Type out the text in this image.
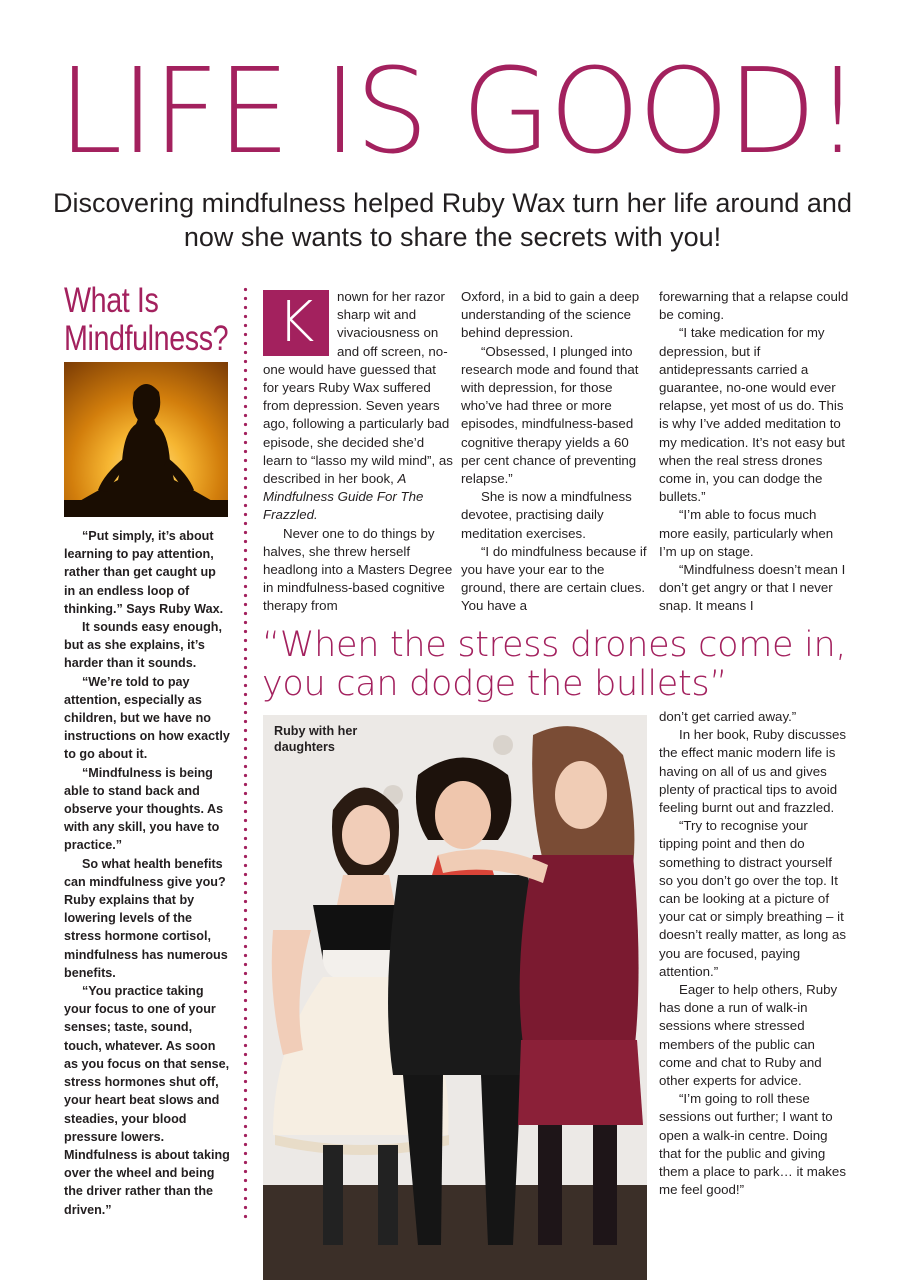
LIFE IS GOOD!
Discovering mindfulness helped Ruby Wax turn her life around and now she wants to share the secrets with you!
What Is Mindfulness?

“Put simply, it’s about learning to pay attention, rather than get caught up in an endless loop of thinking.” Says Ruby Wax.

It sounds easy enough, but as she explains, it’s harder than it sounds.

“We’re told to pay attention, especially as children, but we have no instructions on how exactly to go about it.

“Mindfulness is being able to stand back and observe your thoughts. As with any skill, you have to practice.”

So what health benefits can mindfulness give you? Ruby explains that by lowering levels of the stress hormone cortisol, mindfulness has numerous benefits.

“You practice taking your focus to one of your senses; taste, sound, touch, whatever. As soon as you focus on that sense, stress hormones shut off, your heart beat slows and steadies, your blood pressure lowers. Mindfulness is about taking over the wheel and being the driver rather than the driven.”

K	nown for her razor sharp wit and vivaciousness on and off screen, no-one would have guessed that for years Ruby Wax suffered from depression. Seven years ago, following a particularly bad episode, she decided she’d learn to “lasso my wild mind”, as described in her book, A Mindfulness Guide For The Frazzled.

Never one to do things by halves, she threw herself headlong into a Masters Degree in mindfulness-based cognitive therapy from

Oxford, in a bid to gain a deep understanding of the science behind depression.

“Obsessed, I plunged into research mode and found that with depression, for those who’ve had three or more episodes, mindfulness-based cognitive therapy yields a 60 per cent chance of preventing relapse.”

She is now a mindfulness devotee, practising daily meditation exercises.

“I do mindfulness because if you have your ear to the ground, there are certain clues. You have a

forewarning that a relapse could be coming.

“I take medication for my depression, but if antidepressants carried a guarantee, no-one would ever relapse, yet most of us do. This is why I’ve added meditation to my medication. It’s not easy but when the real stress drones come in, you can dodge the bullets.”

“I’m able to focus much more easily, particularly when I’m up on stage.

“Mindfulness doesn’t mean I don’t get angry or that I never snap. It means I

“When the stress drones come in, you can dodge the bullets”
Ruby with her daughters

don’t get carried away.”

In her book, Ruby discusses the effect manic modern life is having on all of us and gives plenty of practical tips to avoid feeling burnt out and frazzled.

“Try to recognise your tipping point and then do something to distract yourself so you don’t go over the top. It can be looking at a picture of your cat or simply breathing – it doesn’t really matter, as long as you are focused, paying attention.”

Eager to help others, Ruby has done a run of walk-in sessions where stressed members of the public can come and chat to Ruby and other experts for advice.

“I’m going to roll these sessions out further; I want to open a walk-in centre. Doing that for the public and giving them a place to park… it makes me feel good!”
